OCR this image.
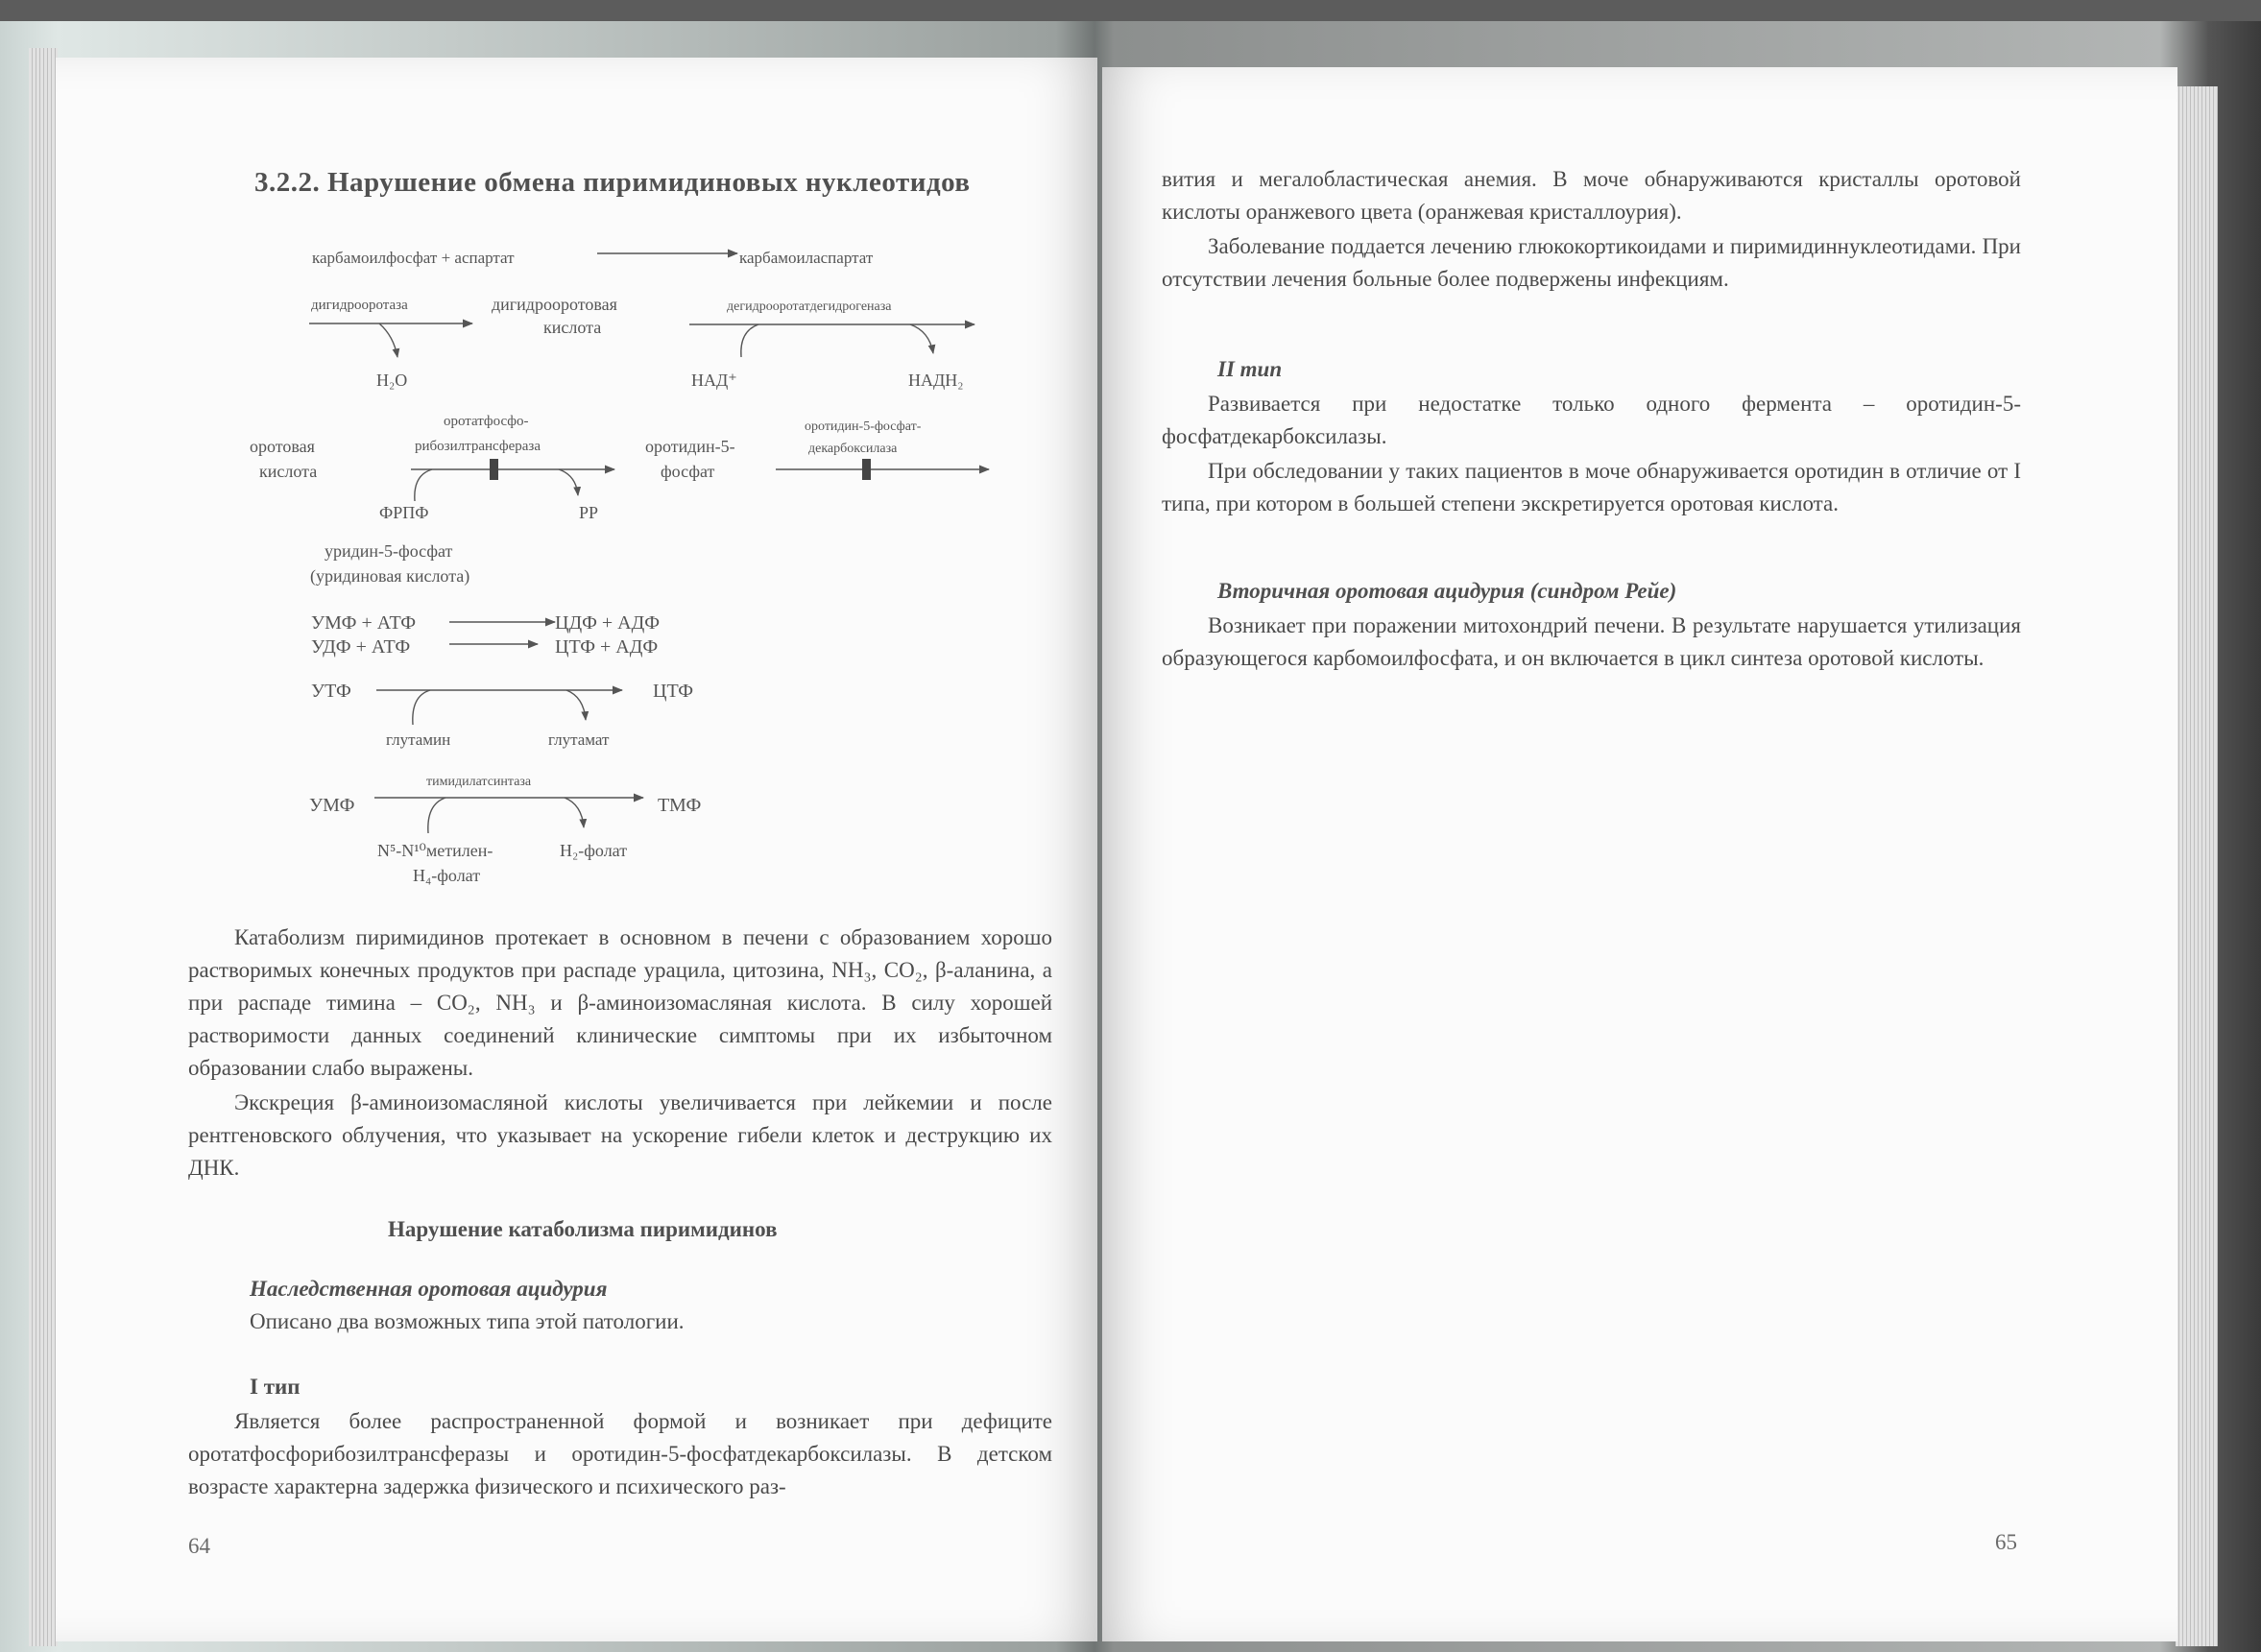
3.2.2. Нарушение обмена пиримидиновых нуклеотидов
карбамоилфосфат + аспартат	карбамоиласпартат
дигидрооротаза
H₂O
дигидрооротовая
кислота
дегидрооротатдегидрогеназа
НАД⁺	НАДН₂
оротатфосфо-
рибозилтрансфераза
оротовая
кислота
ФРПФ	PP
оротидин-5-
фосфат
оротидин-5-фосфат-
декарбоксилаза
уридин-5-фосфат
(уридиновая кислота)
УМФ + АТФ	ЦДФ + АДФ
УДФ + АТФ	ЦТФ + АДФ
УТФ	ЦТФ
глутамин	глутамат
тимидилатсинтаза
УМФ	ТМФ
N⁵-N¹⁰метилен-
H₄-фолат
H₂-фолат

Катаболизм пиримидинов протекает в основном в печени с образованием хорошо растворимых конечных продуктов при распаде урацила, цитозина, NH₃, CO₂, β-аланина, а при распаде тимина – CO₂, NH₃ и β-аминоизомасляная кислота. В силу хорошей растворимости данных соединений клинические симптомы при их избыточном образовании слабо выражены.

Экскреция β-аминоизомасляной кислоты увеличивается при лейкемии и после рентгеновского облучения, что указывает на ускорение гибели клеток и деструкцию их ДНК.

Нарушение катаболизма пиримидинов
Наследственная оротовая ацидурия
Описано два возможных типа этой патологии.
I тип

Является более распространенной формой и возникает при дефиците оротатфосфорибозилтрансферазы и оротидин-5-фосфатдекарбоксилазы. В детском возрасте характерна задержка физического и психического раз-

64

вития и мегалобластическая анемия. В моче обнаруживаются кристаллы оротовой кислоты оранжевого цвета (оранжевая кристаллоурия).

Заболевание поддается лечению глюкокортикоидами и пиримидиннуклеотидами. При отсутствии лечения больные более подвержены инфекциям.

II тип

Развивается при недостатке только одного фермента – оротидин-5-фосфатдекарбоксилазы.

При обследовании у таких пациентов в моче обнаруживается оротидин в отличие от I типа, при котором в большей степени экскретируется оротовая кислота.

Вторичная оротовая ацидурия (синдром Рейе)

Возникает при поражении митохондрий печени. В результате нарушается утилизация образующегося карбомоилфосфата, и он включается в цикл синтеза оротовой кислоты.

65
